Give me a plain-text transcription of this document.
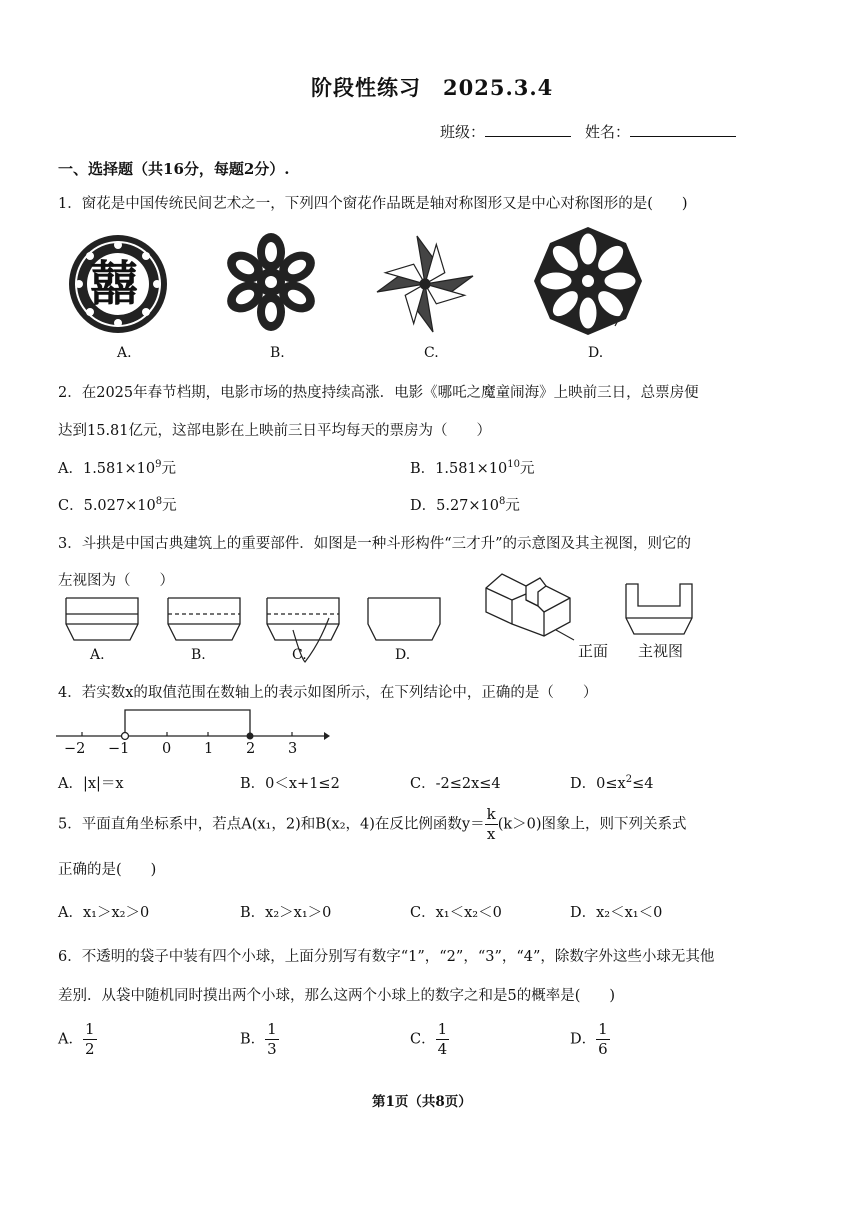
阶段性练习　2025.3.4
班级：	姓名：
一、选择题（共16分，每题2分）.
1．窗花是中国传统民间艺术之一，下列四个窗花作品既是轴对称图形又是中心对称图形的是(　　)
囍
A.	B.	C.	D.
2．在2025年春节档期，电影市场的热度持续高涨．电影《哪吒之魔童闹海》上映前三日，总票房便
达到15.81亿元，这部电影在上映前三日平均每天的票房为（　　）
A．$1.581\times 10^9$元	B．$1.581\times 10^{10}$元
C．$5.027\times 10^8$元	D．$5.27\times 10^8$元
3．斗拱是中国古典建筑上的重要部件．如图是一种斗形构件“三才升”的示意图及其主视图，则它的
左视图为（　　）
正面 主视图
A.	B.	C.	D.
4．若实数x的取值范围在数轴上的表示如图所示，在下列结论中，正确的是（　　）
−2 −1 0 1 2 3
A．|x|＝x	B．0＜x+1≤2	C．-2≤2x≤4	D．$0\le x^2\le 4$
5．平面直角坐标系中，若点A(x₁，2)和B(x₂，4)在反比例函数$y= \frac{k}{x} (k>0)$图象上，则下列关系式
正确的是(　　)
A．x₁＞x₂＞0	B．x₂＞x₁＞0	C．x₁＜x₂＜0	D．x₂＜x₁＜0
6．不透明的袋子中装有四个小球，上面分别写有数字“1”，“2”，“3”，“4”，除数字外这些小球无其他
差别．从袋中随机同时摸出两个小球，那么这两个小球上的数字之和是5的概率是(　　)
A． $\frac{1}{2}$	B． $\frac{1}{3}$	C． $\frac{1}{4}$	D． $\frac{1}{6}$
第1页（共8页）
